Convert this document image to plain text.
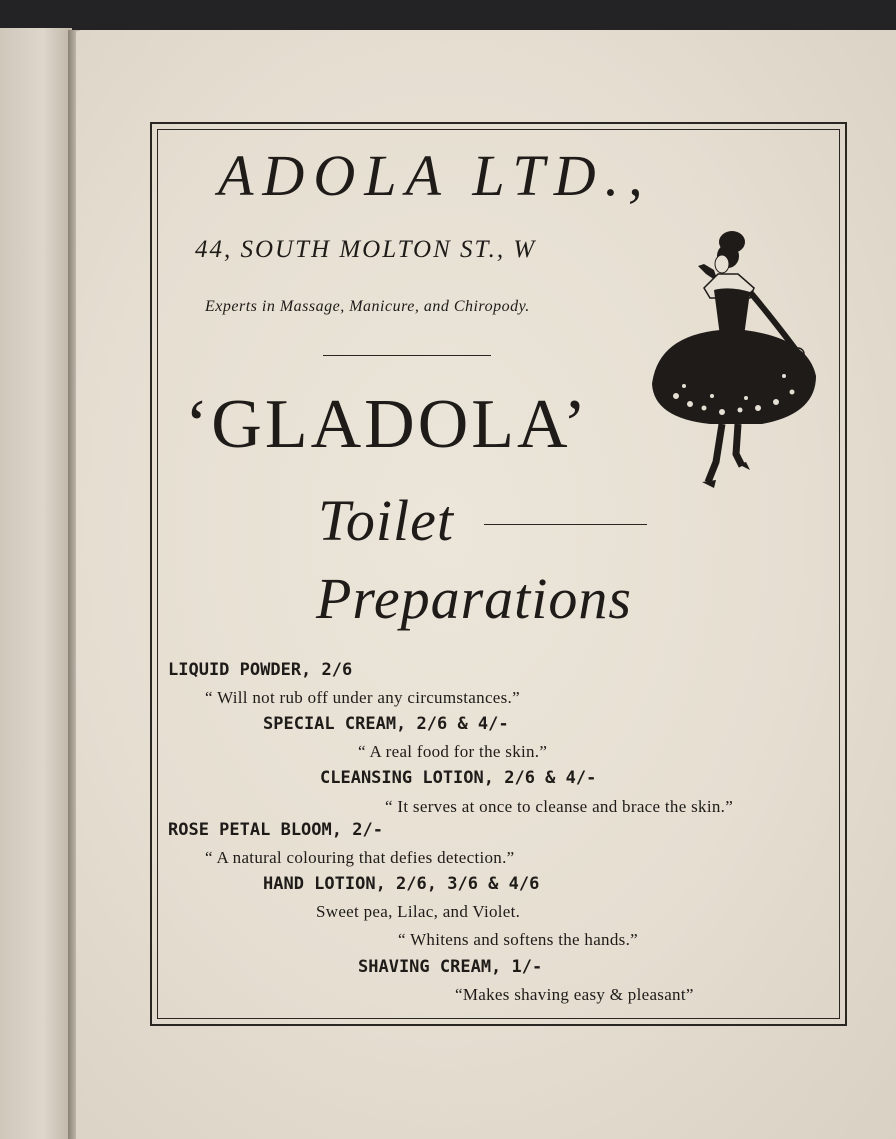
ADOLA LTD.,
44, SOUTH MOLTON ST., W
Experts in Massage, Manicure, and Chiropody.
‘GLADOLA’
Toilet
Preparations
LIQUID POWDER, 2/6
“ Will not rub off under any circumstances.”
SPECIAL CREAM, 2/6 & 4/-
“ A real food for the skin.”
CLEANSING LOTION, 2/6 & 4/-
“ It serves at once to cleanse and brace the skin.”
ROSE PETAL BLOOM, 2/-
“ A natural colouring that defies detection.”
HAND LOTION, 2/6, 3/6 & 4/6
Sweet pea, Lilac, and Violet.
“ Whitens and softens the hands.”
SHAVING CREAM, 1/-
“Makes shaving easy & pleasant”
